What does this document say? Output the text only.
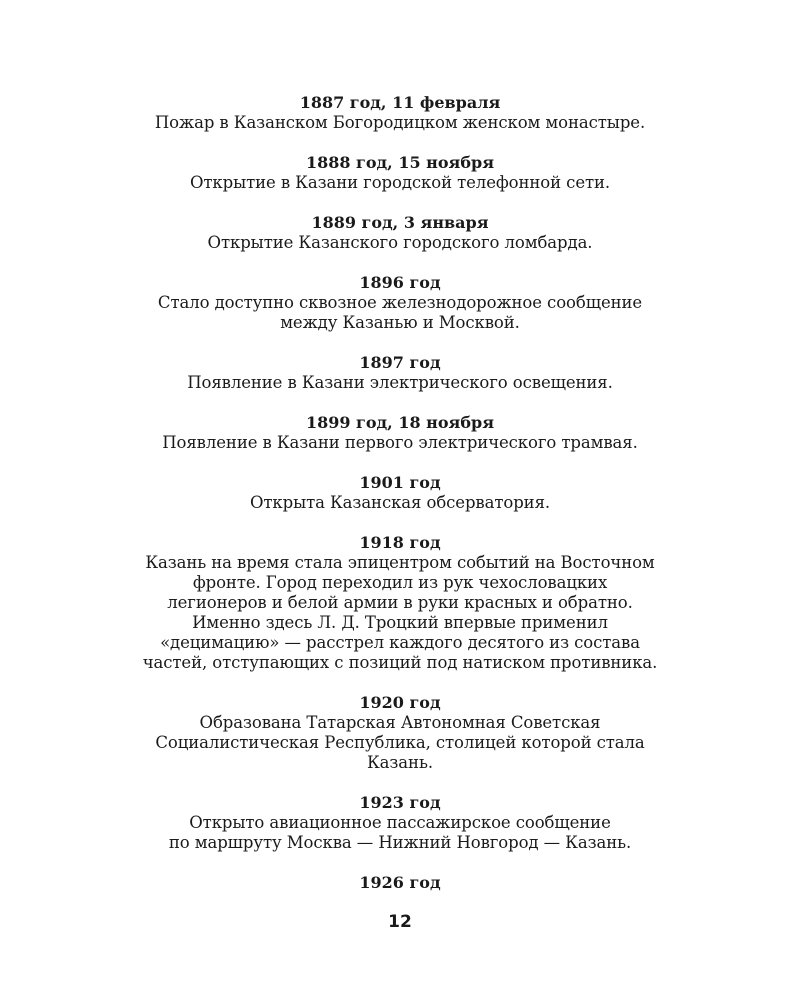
1887 год, 11 февраля
Пожар в Казанском Богородицком женском монастыре.
1888 год, 15 ноября
Открытие в Казани городской телефонной сети.
1889 год, 3 января
Открытие Казанского городского ломбарда.
1896 год
Стало доступно сквозное железнодорожное сообщение
между Казанью и Москвой.
1897 год
Появление в Казани электрического освещения.
1899 год, 18 ноября
Появление в Казани первого электрического трамвая.
1901 год
Открыта Казанская обсерватория.
1918 год
Казань на время стала эпицентром событий на Восточном
фронте. Город переходил из рук чехословацких
легионеров и белой армии в руки красных и обратно.
Именно здесь Л. Д. Троцкий впервые применил
«децимацию» — расстрел каждого десятого из состава
частей, отступающих с позиций под натиском противника.
1920 год
Образована Татарская Автономная Советская
Социалистическая Республика, столицей которой стала
Казань.
1923 год
Открыто авиационное пассажирское сообщение
по маршруту Москва — Нижний Новгород — Казань.
1926 год
12
